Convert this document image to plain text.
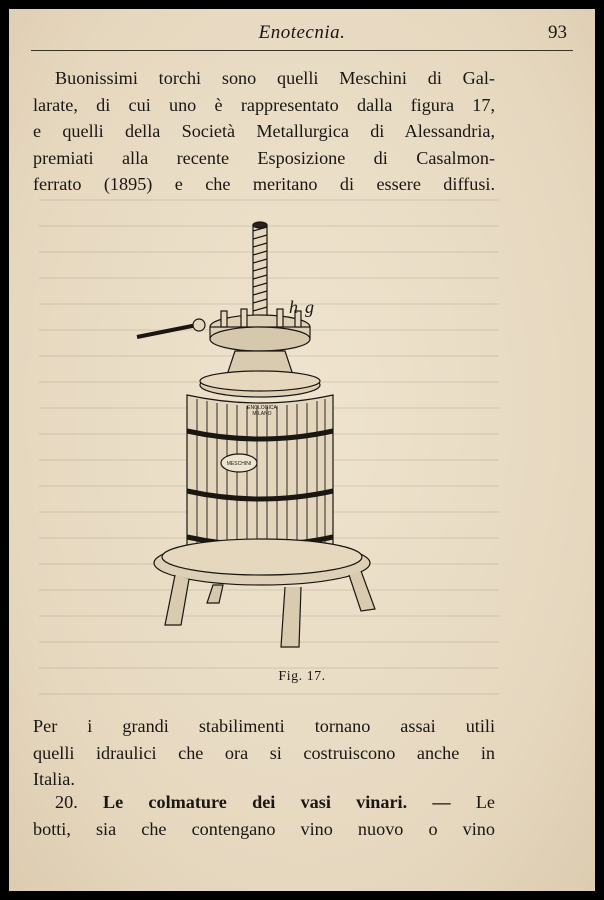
Enotecnia.	93
Buonissimi torchi sono quelli Meschini di Gal-
larate, di cui uno è rappresentato dalla figura 17,
e quelli della Società Metallurgica di Alessandria,
premiati alla recente Esposizione di Casalmon-
ferrato (1895) e che meritano di essere diffusi.
h g
ENOLOGICA
MILANO
MESCHINI
Fig. 17.
Per i grandi stabilimenti tornano assai utili
quelli idraulici che ora si costruiscono anche in
Italia.
20. Le colmature dei vasi vinari. — Le
botti, sia che contengano vino nuovo o vino
